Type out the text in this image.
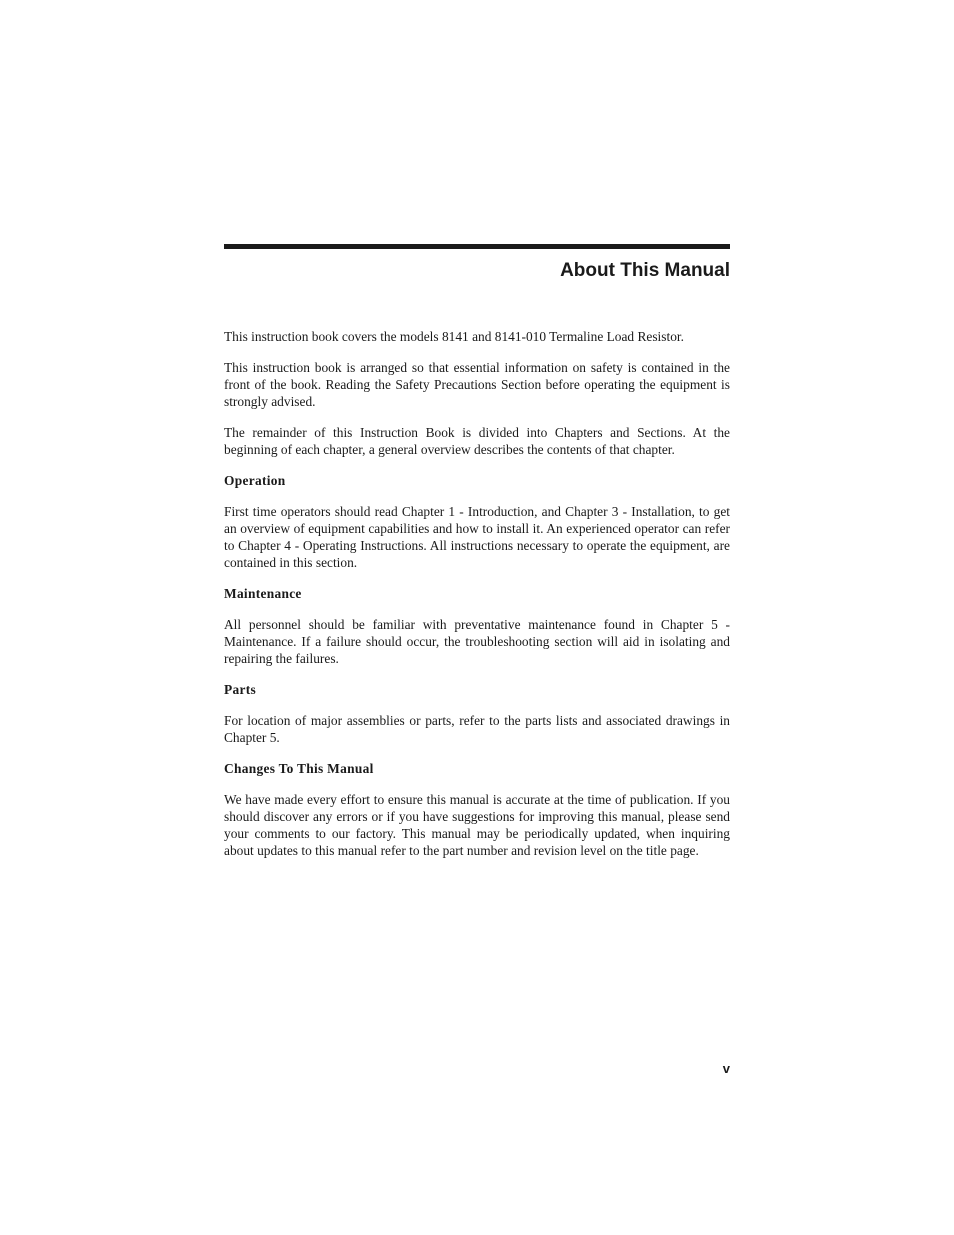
About This Manual

This instruction book covers the models 8141 and 8141-010 Termaline Load Resistor.

This instruction book is arranged so that essential information on safety is contained in the front of the book. Reading the Safety Precautions Section before operating the equipment is strongly advised.

The remainder of this Instruction Book is divided into Chapters and Sections. At the beginning of each chapter, a general overview describes the contents of that chapter.

Operation

First time operators should read Chapter 1 - Introduction, and Chapter 3 - Installation, to get an overview of equipment capabilities and how to install it. An experienced operator can refer to Chapter 4 - Operating Instructions. All instructions necessary to operate the equipment, are contained in this section.

Maintenance

All personnel should be familiar with preventative maintenance found in Chapter 5 - Maintenance. If a failure should occur, the troubleshooting section will aid in isolating and repairing the failures.

Parts

For location of major assemblies or parts, refer to the parts lists and associated drawings in Chapter 5.

Changes To This Manual

We have made every effort to ensure this manual is accurate at the time of publication. If you should discover any errors or if you have suggestions for improving this manual, please send your comments to our factory. This manual may be periodically updated, when inquiring about updates to this manual refer to the part number and revision level on the title page.

v
